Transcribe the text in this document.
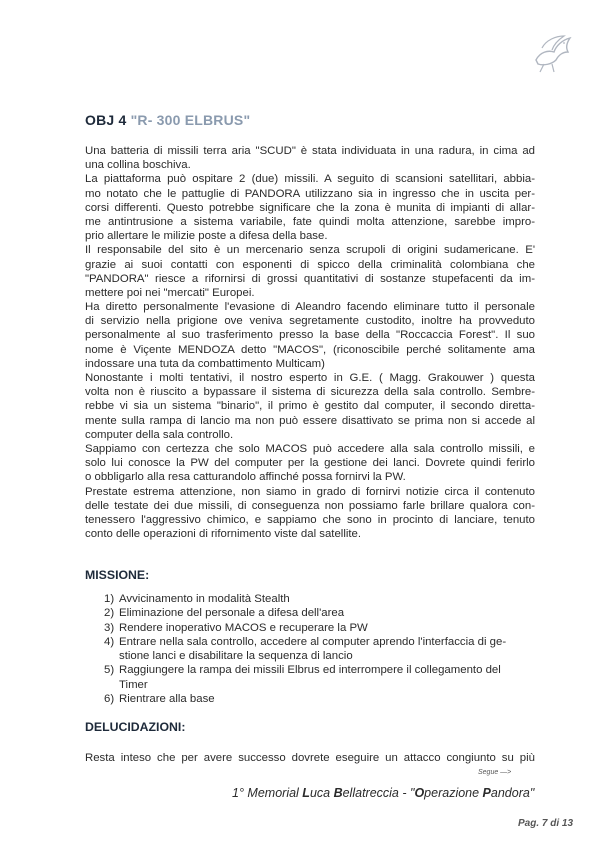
OBJ 4 "R- 300 ELBRUS"
Una batteria di missili terra aria "SCUD" è stata individuata in una radura, in cima ad
una collina boschiva.
La piattaforma può ospitare 2 (due) missili. A seguito di scansioni satellitari, abbia-
mo notato che le pattuglie di PANDORA utilizzano sia in ingresso che in uscita per-
corsi differenti. Questo potrebbe significare che la zona è munita di impianti di allar-
me antintrusione a sistema variabile, fate quindi molta attenzione, sarebbe impro-
prio allertare le milizie poste a difesa della base.
Il responsabile del sito è un mercenario senza scrupoli di origini sudamericane. E'
grazie ai suoi contatti con esponenti di spicco della criminalità colombiana che
"PANDORA" riesce a rifornirsi di grossi quantitativi di sostanze stupefacenti da im-
mettere poi nei "mercati" Europei.
Ha diretto personalmente l'evasione di Aleandro facendo eliminare tutto il personale
di servizio nella prigione ove veniva segretamente custodito, inoltre ha provveduto
personalmente al suo trasferimento presso la base della "Roccaccia Forest". Il suo
nome è Viçente MENDOZA detto "MACOS", (riconoscibile perché solitamente ama
indossare una tuta da combattimento Multicam)
Nonostante i molti tentativi, il nostro esperto in G.E. ( Magg. Grakouwer ) questa
volta non è riuscito a bypassare il sistema di sicurezza della sala controllo. Sembre-
rebbe vi sia un sistema "binario", il primo è gestito dal computer, il secondo diretta-
mente sulla rampa di lancio ma non può essere disattivato se prima non si accede al
computer della sala controllo.
Sappiamo con certezza che solo MACOS può accedere alla sala controllo missili, e
solo lui conosce la PW del computer per la gestione dei lanci. Dovrete quindi ferirlo
o obbligarlo alla resa catturandolo affinché possa fornirvi la PW.
Prestate estrema attenzione, non siamo in grado di fornirvi notizie circa il contenuto
delle testate dei due missili, di conseguenza non possiamo farle brillare qualora con-
tenessero l'aggressivo chimico, e sappiamo che sono in procinto di lanciare, tenuto
conto delle operazioni di rifornimento viste dal satellite.
MISSIONE:
1) Avvicinamento in modalità Stealth
2) Eliminazione del personale a difesa dell'area
3) Rendere inoperativo MACOS e recuperare la PW
4) Entrare nella sala controllo, accedere al computer aprendo l'interfaccia di ge-
stione lanci e disabilitare la sequenza di lancio
5) Raggiungere la rampa dei missili Elbrus ed interrompere il collegamento del
Timer
6) Rientrare alla base
DELUCIDAZIONI:
Resta inteso che per avere successo dovrete eseguire un attacco congiunto su più
Segue —>
1° Memorial Luca Bellatreccia - "Operazione Pandora"
Pag. 7 di 13
